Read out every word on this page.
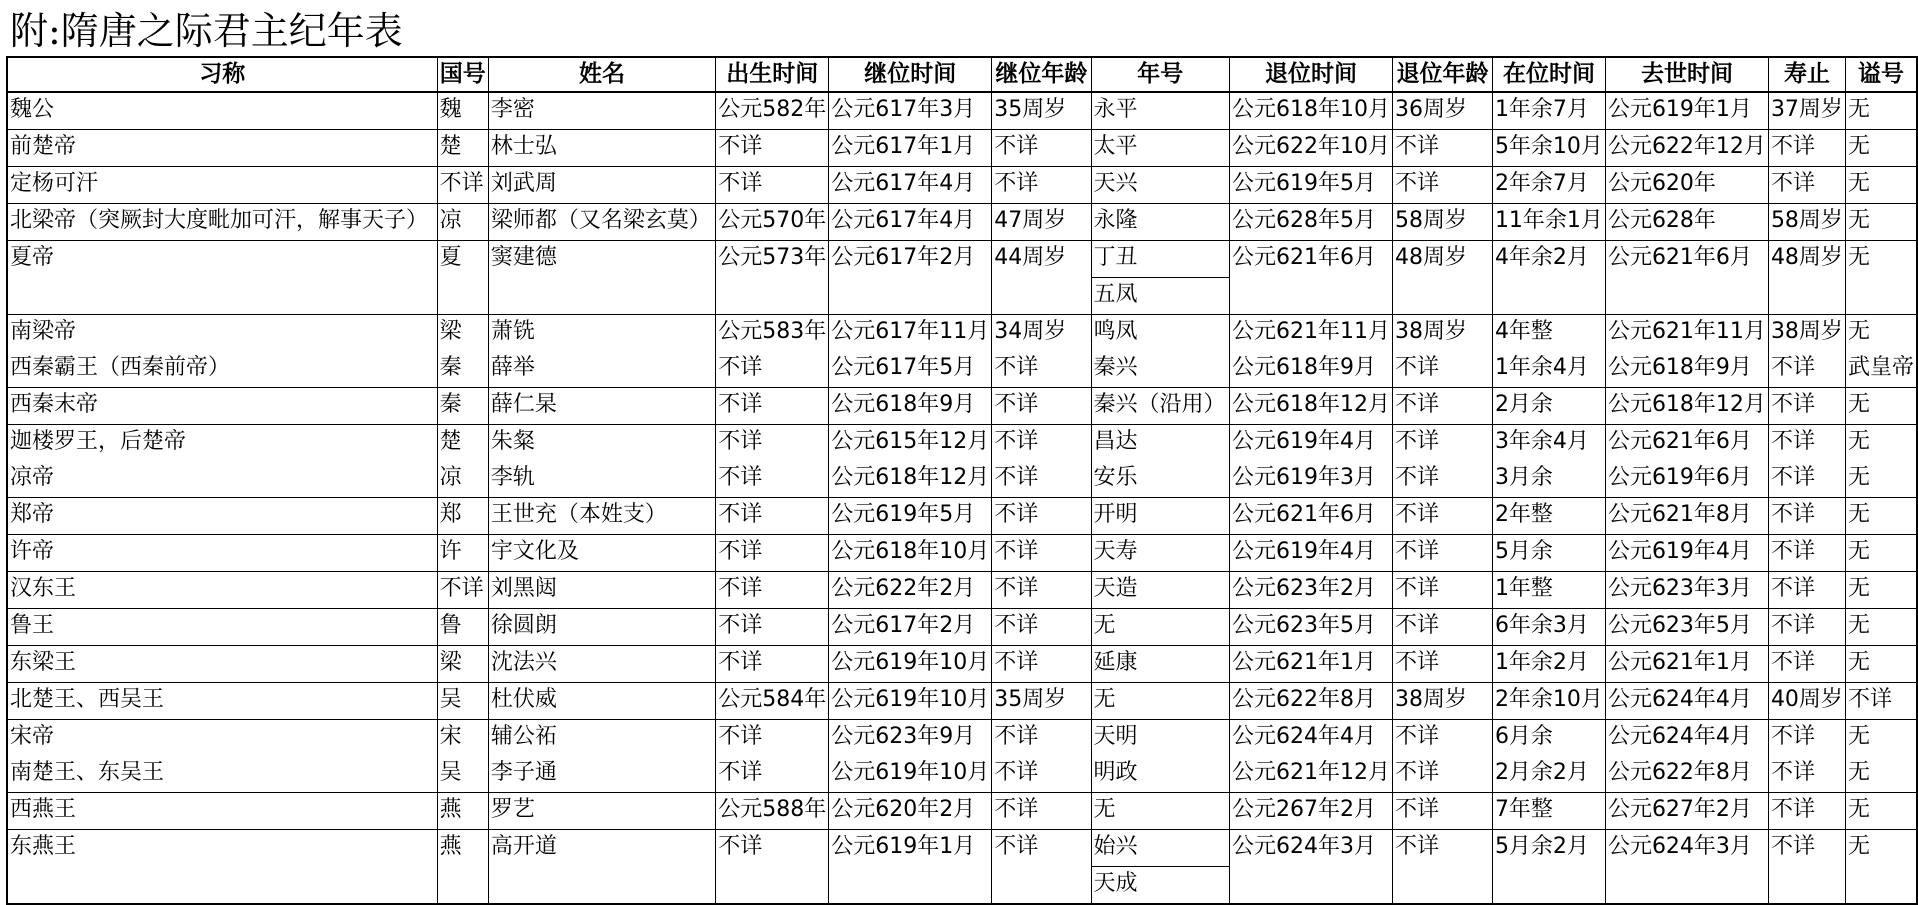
附:隋唐之际君主纪年表
习称	国号	姓名	出生时间	继位时间	继位年龄	年号	退位时间	退位年龄	在位时间	去世时间	寿止	谥号
魏公	魏	李密	公元582年	公元617年3月	35周岁	永平	公元618年10月	36周岁	1年余7月	公元619年1月	37周岁	无
前楚帝	楚	林士弘	不详	公元617年1月	不详	太平	公元622年10月	不详	5年余10月	公元622年12月	不详	无
定杨可汗	不详	刘武周	不详	公元617年4月	不详	天兴	公元619年5月	不详	2年余7月	公元620年	不详	无
北梁帝（突厥封大度毗加可汗，解事天子）	凉	梁师都（又名梁玄莫）	公元570年	公元617年4月	47周岁	永隆	公元628年5月	58周岁	11年余1月	公元628年	58周岁	无
夏帝	夏	窦建德	公元573年	公元617年2月	44周岁	丁丑	公元621年6月	48周岁	4年余2月	公元621年6月	48周岁	无
						五凤						
南梁帝	梁	萧铣	公元583年	公元617年11月	34周岁	鸣凤	公元621年11月	38周岁	4年整	公元621年11月	38周岁	无
西秦霸王（西秦前帝）	秦	薛举	不详	公元617年5月	不详	秦兴	公元618年9月	不详	1年余4月	公元618年9月	不详	武皇帝
西秦末帝	秦	薛仁杲	不详	公元618年9月	不详	秦兴（沿用）	公元618年12月	不详	2月余	公元618年12月	不详	无
迦楼罗王，后楚帝	楚	朱粲	不详	公元615年12月	不详	昌达	公元619年4月	不详	3年余4月	公元621年6月	不详	无
凉帝	凉	李轨	不详	公元618年12月	不详	安乐	公元619年3月	不详	3月余	公元619年6月	不详	无
郑帝	郑	王世充（本姓支）	不详	公元619年5月	不详	开明	公元621年6月	不详	2年整	公元621年8月	不详	无
许帝	许	宇文化及	不详	公元618年10月	不详	天寿	公元619年4月	不详	5月余	公元619年4月	不详	无
汉东王	不详	刘黑闼	不详	公元622年2月	不详	天造	公元623年2月	不详	1年整	公元623年3月	不详	无
鲁王	鲁	徐圆朗	不详	公元617年2月	不详	无	公元623年5月	不详	6年余3月	公元623年5月	不详	无
东梁王	梁	沈法兴	不详	公元619年10月	不详	延康	公元621年1月	不详	1年余2月	公元621年1月	不详	无
北楚王、西吴王	吴	杜伏威	公元584年	公元619年10月	35周岁	无	公元622年8月	38周岁	2年余10月	公元624年4月	40周岁	不详
宋帝	宋	辅公祏	不详	公元623年9月	不详	天明	公元624年4月	不详	6月余	公元624年4月	不详	无
南楚王、东吴王	吴	李子通	不详	公元619年10月	不详	明政	公元621年12月	不详	2月余2月	公元622年8月	不详	无
西燕王	燕	罗艺	公元588年	公元620年2月	不详	无	公元267年2月	不详	7年整	公元627年2月	不详	无
东燕王	燕	高开道	不详	公元619年1月	不详	始兴	公元624年3月	不详	5月余2月	公元624年3月	不详	无
						天成						
